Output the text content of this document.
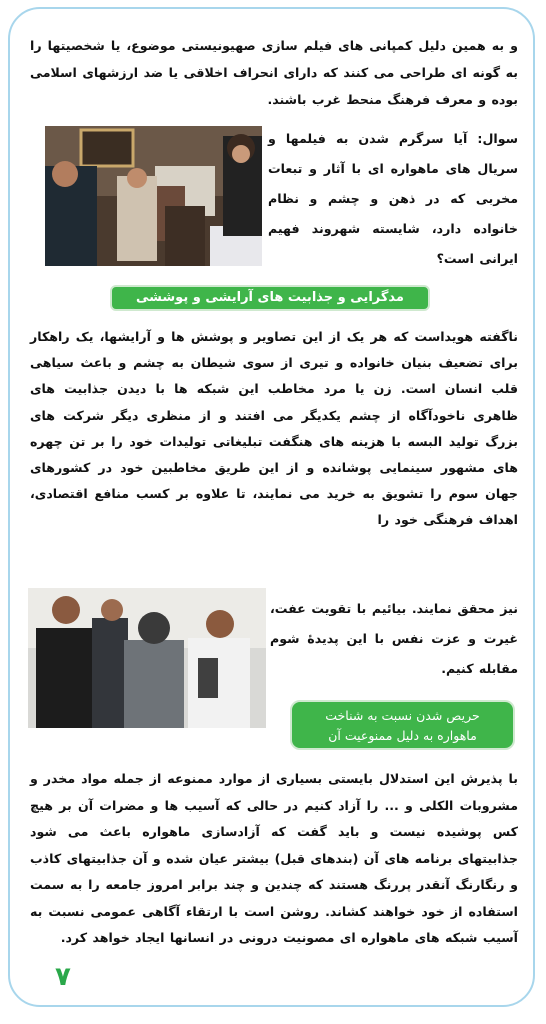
و به همین دلیل کمپانی های فیلم سازی صهیونیستی موضوع، یا شخصیتها را به گونه ای طراحی می کنند که دارای انحراف اخلاقی یا ضد ارزشهای اسلامی بوده و معرف فرهنگ منحط غرب باشند.
سوال: آیا سرگرم شدن به فیلمها و سریال های ماهواره ای با آثار و تبعات مخربی که در ذهن و چشم و نظام خانواده دارد، شایسته شهروند فهیم ایرانی است؟
مدگرایی و جذابیت های آرایشی و پوششی
ناگفته هویداست که هر یک از این تصاویر و پوشش ها و آرایشها، یک راهکار برای تضعیف بنیان خانواده و تیری از سوی شیطان به چشم و باعث سیاهی قلب انسان است. زن یا مرد مخاطب این شبکه ها با دیدن جذابیت های ظاهری ناخودآگاه از چشم یکدیگر می افتند و از منظری دیگر شرکت های بزرگ تولید البسه با هزینه های هنگفت تبلیغاتی تولیدات خود را بر تن چهره های مشهور سینمایی پوشانده و از این طریق مخاطبین خود در کشورهای جهان سوم را تشویق به خرید می نمایند، تا علاوه بر کسب منافع اقتصادی، اهداف فرهنگی خود را
نیز محقق نمایند. بیائیم با تقویت عفت، غیرت و عزت نفس با این پدیدهٔ شوم مقابله کنیم.
حریص شدن نسبت به شناخت
ماهواره به دلیل ممنوعیت آن
با پذیرش این استدلال بایستی بسیاری از موارد ممنوعه از جمله مواد مخدر و مشروبات الکلی و ... را آزاد کنیم در حالی که آسیب ها و مضرات آن بر هیچ کس پوشیده نیست و باید گفت که آزادسازی ماهواره باعث می شود جذابیتهای برنامه های آن (بندهای قبل) بیشتر عیان شده و آن جذابیتهای کاذب و رنگارنگ آنقدر پررنگ هستند که چندین و چند برابر امروز جامعه را به سمت استفاده از خود خواهند کشاند. روشن است با ارتقاء آگاهی عمومی نسبت به آسیب شبکه های ماهواره ای مصونیت درونی در انسانها ایجاد خواهد کرد.
۷
